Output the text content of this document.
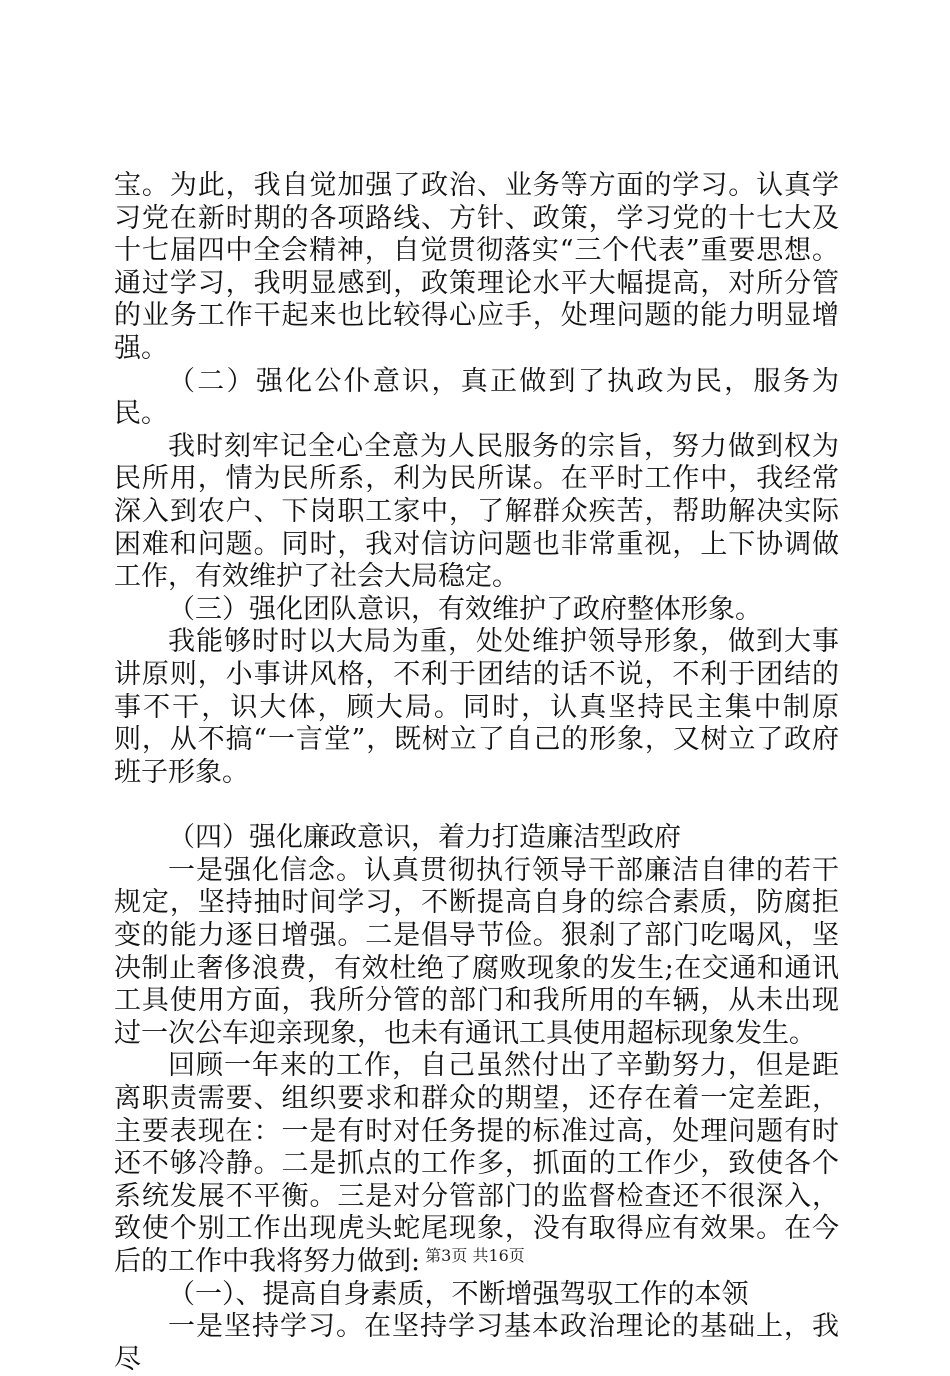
宝。为此，我自觉加强了政治、业务等方面的学习。认真学习党在新时期的各项路线、方针、政策，学习党的十七大及十七届四中全会精神，自觉贯彻落实“三个代表”重要思想。通过学习，我明显感到，政策理论水平大幅提高，对所分管的业务工作干起来也比较得心应手，处理问题的能力明显增强。

（二）强化公仆意识，真正做到了执政为民，服务为民。

我时刻牢记全心全意为人民服务的宗旨，努力做到权为民所用，情为民所系，利为民所谋。在平时工作中，我经常深入到农户、下岗职工家中，了解群众疾苦，帮助解决实际困难和问题。同时，我对信访问题也非常重视，上下协调做工作，有效维护了社会大局稳定。

（三）强化团队意识，有效维护了政府整体形象。

我能够时时以大局为重，处处维护领导形象，做到大事讲原则，小事讲风格，不利于团结的话不说，不利于团结的事不干，识大体，顾大局。同时，认真坚持民主集中制原则，从不搞“一言堂”，既树立了自己的形象，又树立了政府班子形象。

（四）强化廉政意识，着力打造廉洁型政府

一是强化信念。认真贯彻执行领导干部廉洁自律的若干规定，坚持抽时间学习，不断提高自身的综合素质，防腐拒变的能力逐日增强。二是倡导节俭。狠刹了部门吃喝风，坚决制止奢侈浪费，有效杜绝了腐败现象的发生;在交通和通讯工具使用方面，我所分管的部门和我所用的车辆，从未出现过一次公车迎亲现象，也未有通讯工具使用超标现象发生。

回顾一年来的工作，自己虽然付出了辛勤努力，但是距离职责需要、组织要求和群众的期望，还存在着一定差距，主要表现在：一是有时对任务提的标准过高，处理问题有时还不够冷静。二是抓点的工作多，抓面的工作少，致使各个系统发展不平衡。三是对分管部门的监督检查还不很深入，致使个别工作出现虎头蛇尾现象，没有取得应有效果。在今后的工作中我将努力做到:

（一）、提高自身素质，不断增强驾驭工作的本领

一是坚持学习。在坚持学习基本政治理论的基础上，我尽

第3页 共16页
